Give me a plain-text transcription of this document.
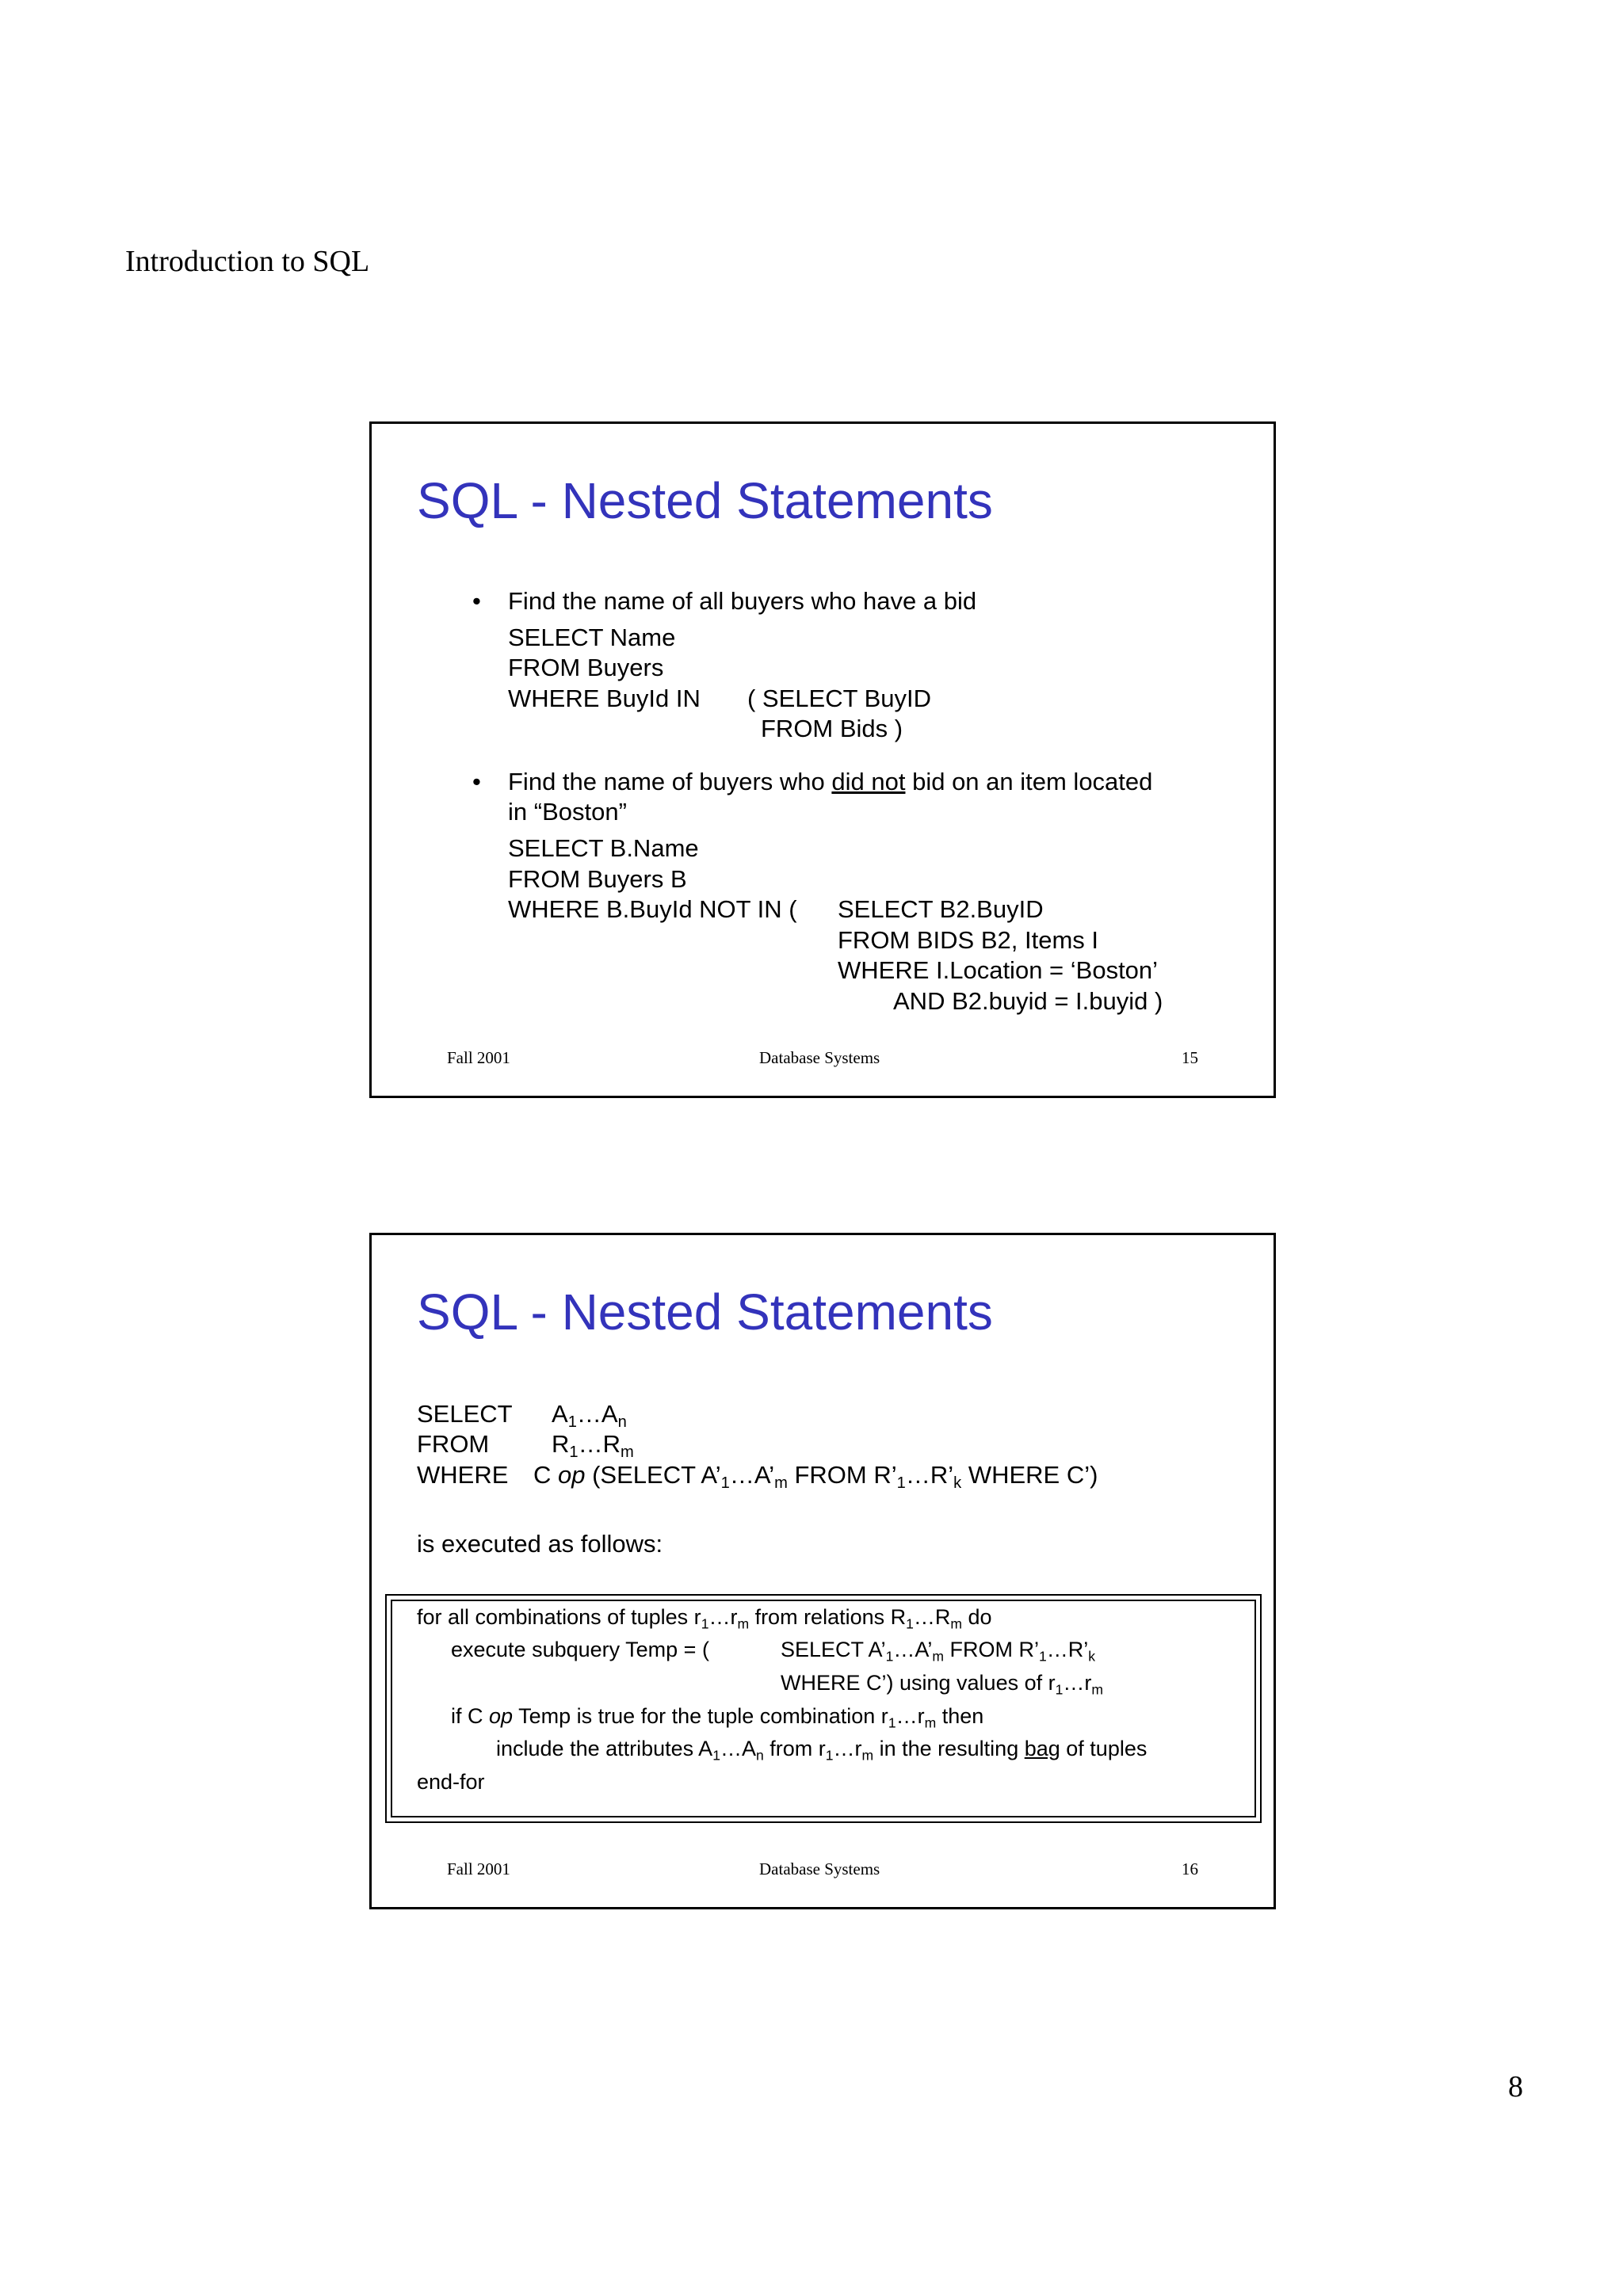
Introduction to SQL
SQL - Nested Statements
• Find the name of all buyers who have a bid
SELECT Name
FROM Buyers
WHERE BuyId IN ( SELECT BuyID
FROM Bids )
• Find the name of buyers who did not bid on an item located
in “Boston”
SELECT B.Name
FROM Buyers B
WHERE B.BuyId NOT IN ( SELECT B2.BuyID
FROM BIDS B2, Items I
WHERE I.Location = ‘Boston’
AND B2.buyid = I.buyid )
Fall 2001	Database Systems	15
SQL - Nested Statements
SELECT $A_1\dots A_n$
FROM	$R_1\dots R_m$
WHERE C op (SELECT $A’_1\dots A’_m$ FROM $R’_1\dots R’_k$ WHERE C’)
is executed as follows:
for all combinations of tuples $r_1\dots r_m$ from relations $R_1\dots R_m$ do
execute subquery Temp = (	SELECT $A’_1\dots A’_m$ FROM $R’_1\dots R’_k$
WHERE C’) using values of $r_1\dots r_m$
if C op Temp is true for the tuple combination $r_1\dots r_m$ then
include the attributes $A_1\dots A_n$ from $r_1\dots r_m$ in the resulting bag of tuples
end-for
Fall 2001	Database Systems	16
8
